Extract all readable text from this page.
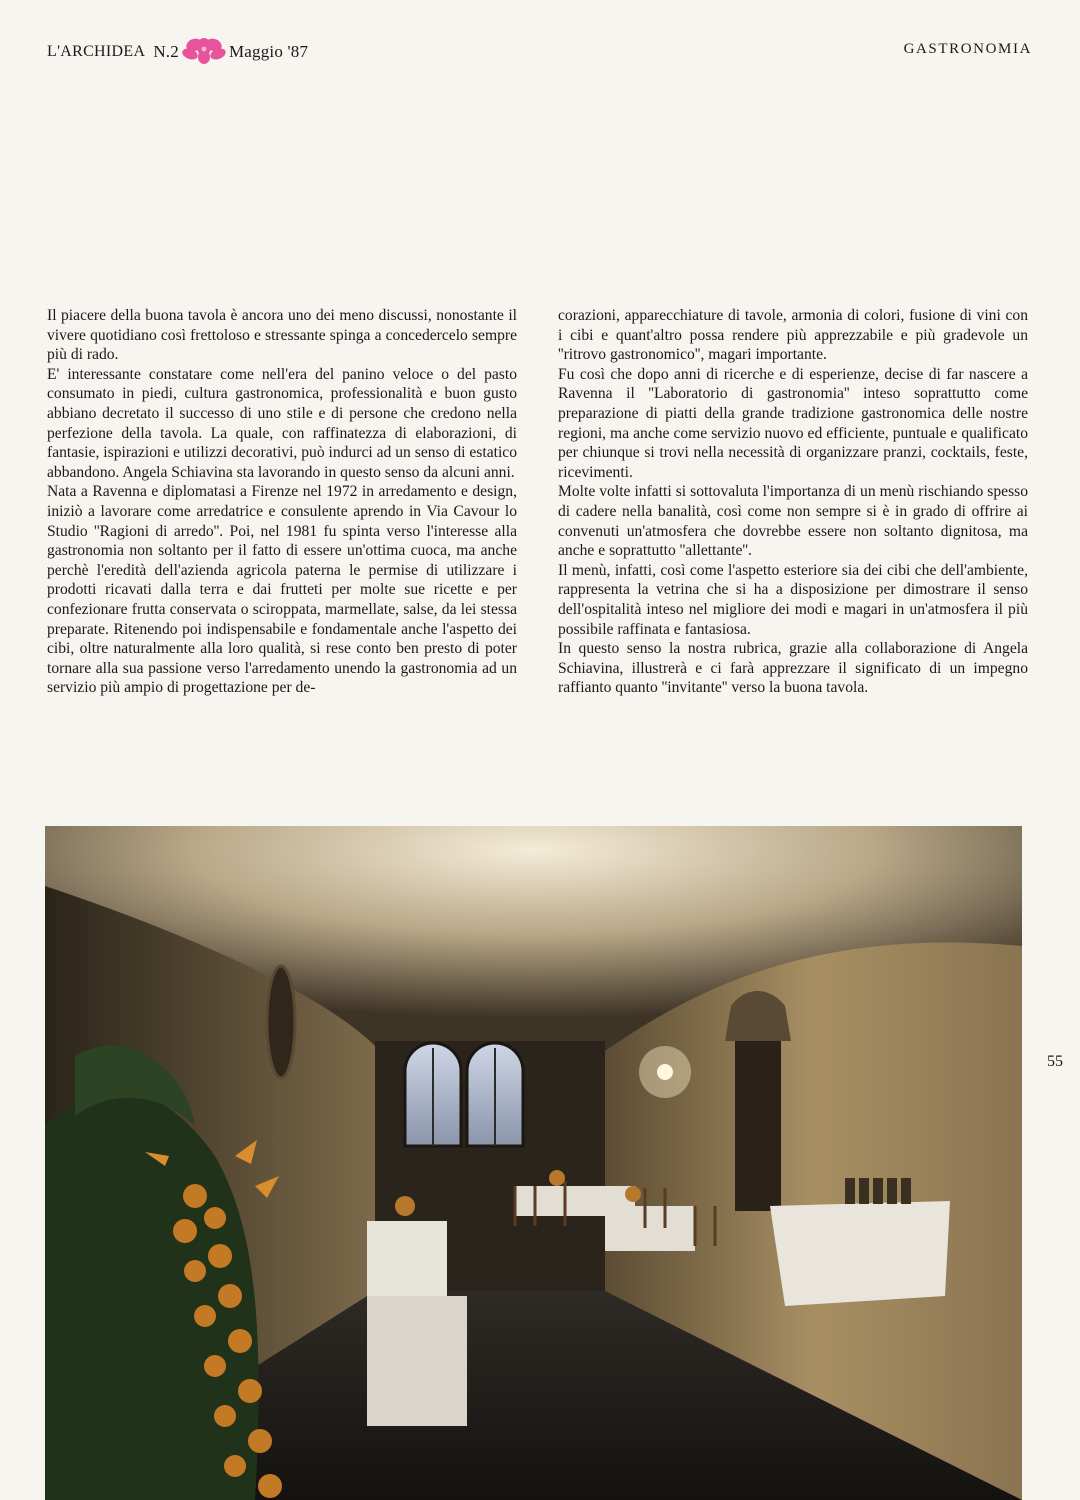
L'ARCHIDEA N.2	Maggio '87	GASTRONOMIA

Il piacere della buona tavola è ancora uno dei meno discussi, nonostante il vivere quotidiano così frettoloso e stressante spinga a concedercelo sempre più di rado.

E' interessante constatare come nell'era del panino veloce o del pasto consumato in piedi, cultura gastronomica, professionalità e buon gusto abbiano decretato il successo di uno stile e di persone che credono nella perfezione della tavola. La quale, con raffinatezza di elaborazioni, di fantasie, ispirazioni e utilizzi decorativi, può indurci ad un senso di estatico abbandono. Angela Schiavina sta lavorando in questo senso da alcuni anni.

Nata a Ravenna e diplomatasi a Firenze nel 1972 in arredamento e design, iniziò a lavorare come arredatrice e consulente aprendo in Via Cavour lo Studio ''Ragioni di arredo''. Poi, nel 1981 fu spinta verso l'interesse alla gastronomia non soltanto per il fatto di essere un'ottima cuoca, ma anche perchè l'eredità dell'azienda agricola paterna le permise di utilizzare i prodotti ricavati dalla terra e dai frutteti per molte sue ricette e per confezionare frutta conservata o sciroppata, marmellate, salse, da lei stessa preparate. Ritenendo poi indispensabile e fondamentale anche l'aspetto dei cibi, oltre naturalmente alla loro qualità, si rese conto ben presto di poter tornare alla sua passione verso l'arredamento unendo la gastronomia ad un servizio più ampio di progettazione per de-

corazioni, apparecchiature di tavole, armonia di colori, fusione di vini con i cibi e quant'altro possa rendere più apprezzabile e più gradevole un ''ritrovo gastronomico'', magari importante.

Fu così che dopo anni di ricerche e di esperienze, decise di far nascere a Ravenna il ''Laboratorio di gastronomia'' inteso soprattutto come preparazione di piatti della grande tradizione gastronomica delle nostre regioni, ma anche come servizio nuovo ed efficiente, puntuale e qualificato per chiunque si trovi nella necessità di organizzare pranzi, cocktails, feste, ricevimenti.

Molte volte infatti si sottovaluta l'importanza di un menù rischiando spesso di cadere nella banalità, così come non sempre si è in grado di offrire ai convenuti un'atmosfera che dovrebbe essere non soltanto dignitosa, ma anche e soprattutto ''allettante''.

Il menù, infatti, così come l'aspetto esteriore sia dei cibi che dell'ambiente, rappresenta la vetrina che si ha a disposizione per dimostrare il senso dell'ospitalità inteso nel migliore dei modi e magari in un'atmosfera il più possibile raffinata e fantasiosa.

In questo senso la nostra rubrica, grazie alla collaborazione di Angela Schiavina, illustrerà e ci farà apprezzare il significato di un impegno raffianto quanto ''invitante'' verso la buona tavola.

55
